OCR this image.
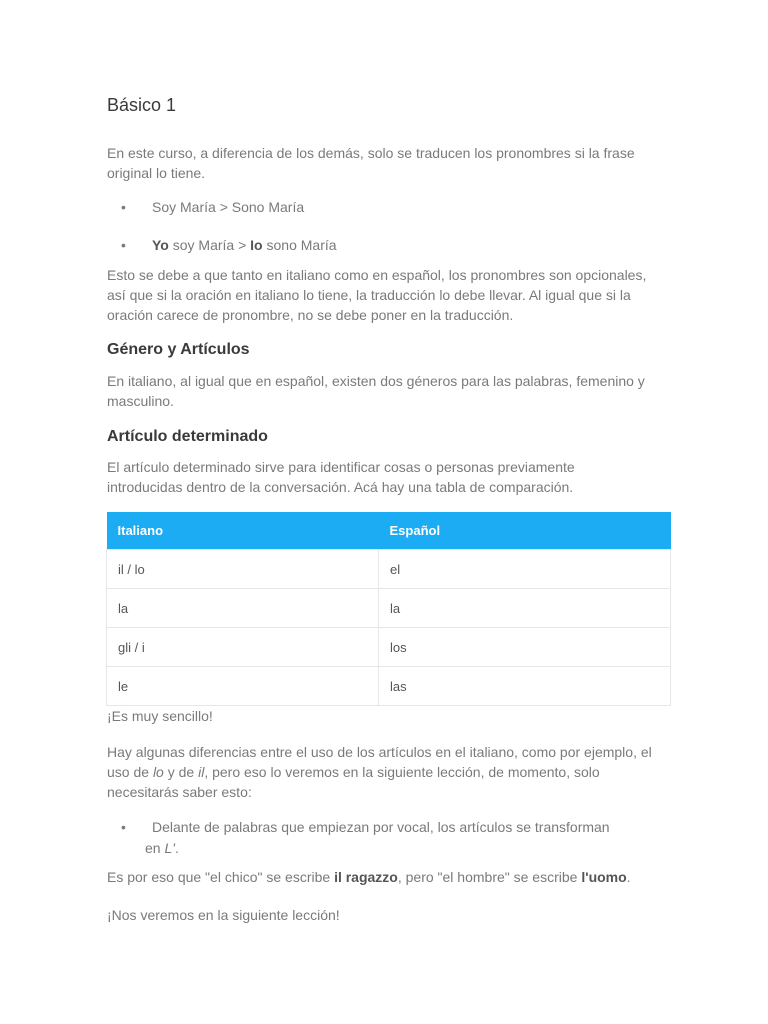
Básico 1

En este curso, a diferencia de los demás, solo se traducen los pronombres si la frase original lo tiene.

• Soy María > Sono María
• Yo soy María > Io sono María

Esto se debe a que tanto en italiano como en español, los pronombres son opcionales, así que si la oración en italiano lo tiene, la traducción lo debe llevar. Al igual que si la oración carece de pronombre, no se debe poner en la traducción.

Género y Artículos

En italiano, al igual que en español, existen dos géneros para las palabras, femenino y masculino.

Artículo determinado

El artículo determinado sirve para identificar cosas o personas previamente introducidas dentro de la conversación. Acá hay una tabla de comparación.

Italiano	Español
il / lo	el
la	la
gli / i	los
le	las

¡Es muy sencillo!

Hay algunas diferencias entre el uso de los artículos en el italiano, como por ejemplo, el uso de lo y de il, pero eso lo veremos en la siguiente lección, de momento, solo necesitarás saber esto:

• Delante de palabras que empiezan por vocal, los artículos se transforman
en L'.

Es por eso que "el chico" se escribe il ragazzo, pero "el hombre" se escribe l'uomo.

¡Nos veremos en la siguiente lección!
